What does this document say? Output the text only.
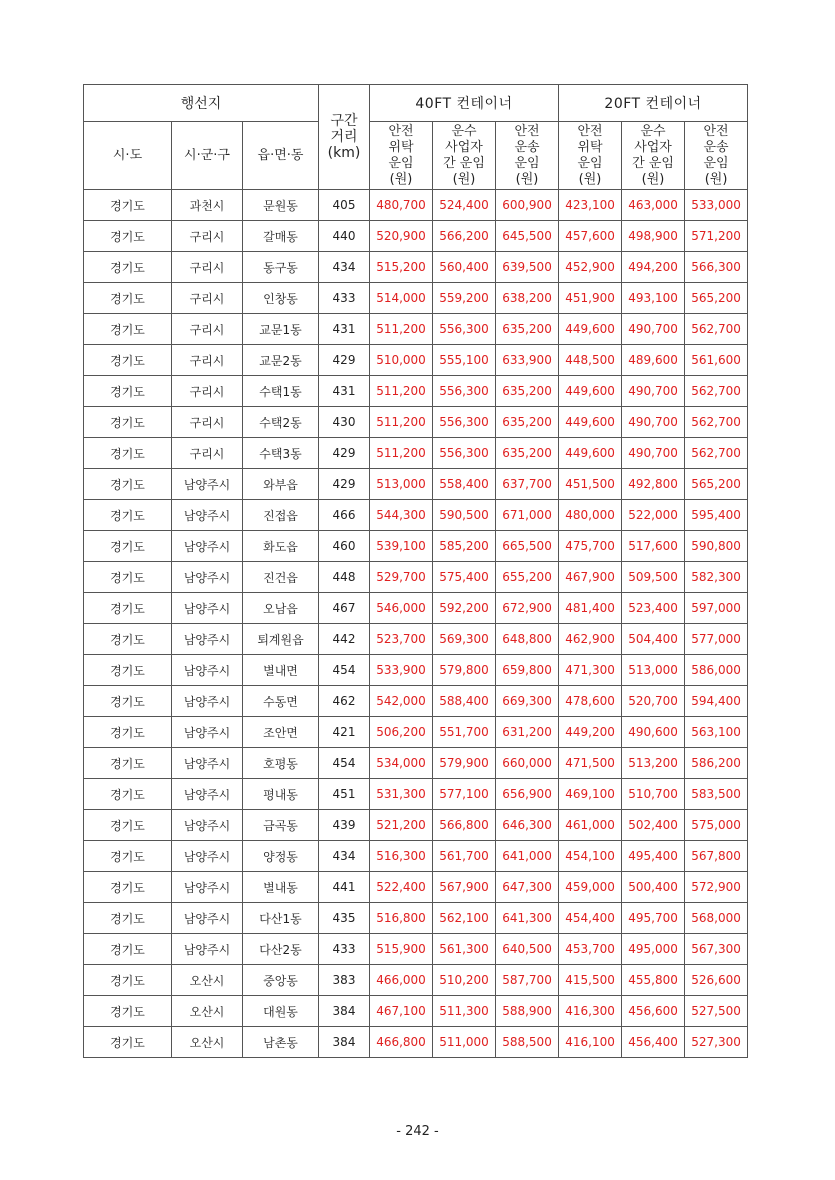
행선지			구간
거리
(km)	40FT 컨테이너			20FT 컨테이너		
시·도	시·군·구	읍·면·동		안전
위탁
운임
(원)	운수
사업자
간 운임
(원)	안전
운송
운임
(원)	안전
위탁
운임
(원)	운수
사업자
간 운임
(원)	안전
운송
운임
(원)
경기도	과천시	문원동	405	480,700	524,400	600,900	423,100	463,000	533,000
경기도	구리시	갈매동	440	520,900	566,200	645,500	457,600	498,900	571,200
경기도	구리시	동구동	434	515,200	560,400	639,500	452,900	494,200	566,300
경기도	구리시	인창동	433	514,000	559,200	638,200	451,900	493,100	565,200
경기도	구리시	교문1동	431	511,200	556,300	635,200	449,600	490,700	562,700
경기도	구리시	교문2동	429	510,000	555,100	633,900	448,500	489,600	561,600
경기도	구리시	수택1동	431	511,200	556,300	635,200	449,600	490,700	562,700
경기도	구리시	수택2동	430	511,200	556,300	635,200	449,600	490,700	562,700
경기도	구리시	수택3동	429	511,200	556,300	635,200	449,600	490,700	562,700
경기도	남양주시	와부읍	429	513,000	558,400	637,700	451,500	492,800	565,200
경기도	남양주시	진접읍	466	544,300	590,500	671,000	480,000	522,000	595,400
경기도	남양주시	화도읍	460	539,100	585,200	665,500	475,700	517,600	590,800
경기도	남양주시	진건읍	448	529,700	575,400	655,200	467,900	509,500	582,300
경기도	남양주시	오남읍	467	546,000	592,200	672,900	481,400	523,400	597,000
경기도	남양주시	퇴계원읍	442	523,700	569,300	648,800	462,900	504,400	577,000
경기도	남양주시	별내면	454	533,900	579,800	659,800	471,300	513,000	586,000
경기도	남양주시	수동면	462	542,000	588,400	669,300	478,600	520,700	594,400
경기도	남양주시	조안면	421	506,200	551,700	631,200	449,200	490,600	563,100
경기도	남양주시	호평동	454	534,000	579,900	660,000	471,500	513,200	586,200
경기도	남양주시	평내동	451	531,300	577,100	656,900	469,100	510,700	583,500
경기도	남양주시	금곡동	439	521,200	566,800	646,300	461,000	502,400	575,000
경기도	남양주시	양정동	434	516,300	561,700	641,000	454,100	495,400	567,800
경기도	남양주시	별내동	441	522,400	567,900	647,300	459,000	500,400	572,900
경기도	남양주시	다산1동	435	516,800	562,100	641,300	454,400	495,700	568,000
경기도	남양주시	다산2동	433	515,900	561,300	640,500	453,700	495,000	567,300
경기도	오산시	중앙동	383	466,000	510,200	587,700	415,500	455,800	526,600
경기도	오산시	대원동	384	467,100	511,300	588,900	416,300	456,600	527,500
경기도	오산시	남촌동	384	466,800	511,000	588,500	416,100	456,400	527,300
- 242 -
